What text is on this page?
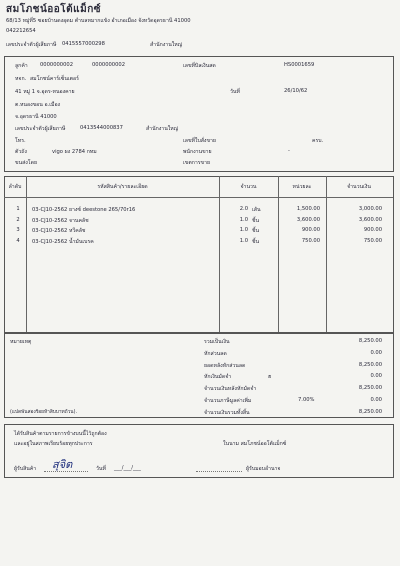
สมโภชน์ออโต้แม็กซ์
68/13 หมู่ที่5 ซอยบ้านดงอุดม ตำบลหมากแข้ง อำเภอเมือง จังหวัดอุดรธานี 41000
042212654
เลขประจำตัวผู้เสียภาษี 0415557000298	สำนักงานใหญ่
ลูกค้า 0000000002	0000000002
หจก. สมโภชน์คาร์เซ็นเตอร์
41 หมู่ 1 จ.อุดร-หนองคาย
ต.หนองขอน อ.เมือง
จ.อุดรธานี 41000
เลขประจำตัวผู้เสียภาษี	0413544000837	สำนักงานใหญ่
โทร.
ตัวถัง	vigo ผง 2784 กทม
ขนส่งโดย
เลขที่บิลเงินสด	HS0001659
วันที่	26/10/62
เลขที่ใบสั่งขาย	ครบ.
พนักงานขาย	-
เขตการขาย
ลำดับ	รหัสสินค้า/รายละเอียด	จำนวน	หน่วยละ	จำนวนเงิน
1	03-CJ10-2562 ยางซ์ deestone 265/70r16	2.0 เส้น	1,500.00	3,000.00
2	03-CJ10-2562 จานคลัช	1.0 ชิ้น	3,600.00	3,600.00
3	03-CJ10-2562 หวีคลัช	1.0 ชิ้น	900.00	900.00
4	03-CJ10-2562 น้ำมันเบรค	1.0 ชิ้น	750.00	750.00
หมายเหตุ
(แปดพันสองร้อยห้าสิบบาทถ้วน).
รวมเป็นเงิน	8,250.00
หักส่วนลด	0.00
ยอดหลังหักส่วนลด	8,250.00
หักเงินมัดจำ	0.00
จำนวนเงินหลังหักมัดจำ	8,250.00
จำนวนภาษีมูลค่าเพิ่ม	0.00
จำนวนเงินรวมทั้งสิ้น	8,250.00
ฮ
7.00%
ได้รับสินค้าตามรายการข้างบนนี้ไว้ถูกต้อง
และอยู่ในสภาพเรียบร้อยทุกประการ	ในนาม สมโภชน์ออโต้แม็กซ์
ผู้รับสินค้า สุจิต	วันที่ ___/___/___	ผู้รับมอบอำนาจ
